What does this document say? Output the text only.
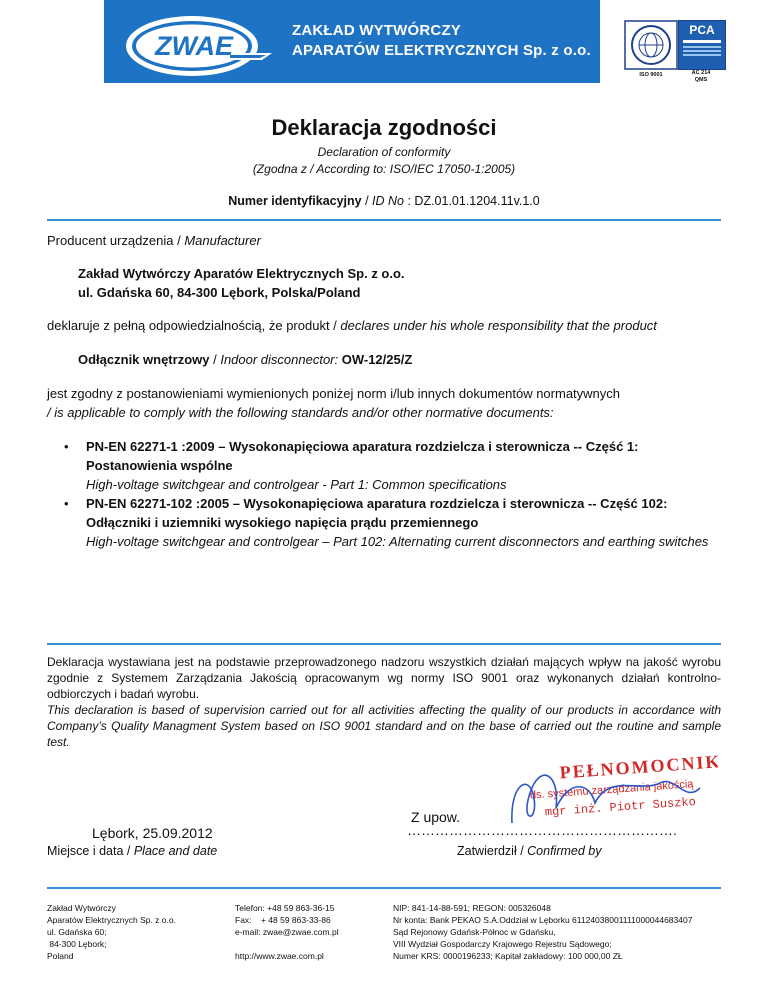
ZWAE
ZAKŁAD WYTWÓRCZY
APARATÓW ELEKTRYCZNYCH Sp. z o.o.
ISO 9001
PCA
AC 214
QMS
Deklaracja zgodności
Declaration of conformity
(Zgodna z / According to: ISO/IEC 17050-1:2005)
Numer identyfikacyjny / ID No : DZ.01.01.1204.11v.1.0
Producent urządzenia / Manufacturer
Zakład Wytwórczy Aparatów Elektrycznych Sp. z o.o.
ul. Gdańska 60, 84-300 Lębork, Polska/Poland
deklaruje z pełną odpowiedzialnością, że produkt / declares under his whole responsibility that the product
Odłącznik wnętrzowy / Indoor disconnector: OW-12/25/Z
jest zgodny z postanowieniami wymienionych poniżej norm i/lub innych dokumentów normatywnych
/ is applicable to comply with the following standards and/or other normative documents:
•	PN-EN 62271-1 :2009 – Wysokonapięciowa aparatura rozdzielcza i sterownicza -- Część 1:
Postanowienia wspólne
High-voltage switchgear and controlgear - Part 1: Common specifications
•	PN-EN 62271-102 :2005 – Wysokonapięciowa aparatura rozdzielcza i sterownicza -- Część 102:
Odłączniki i uziemniki wysokiego napięcia prądu przemiennego
High-voltage switchgear and controlgear – Part 102: Alternating current disconnectors and earthing switches
Deklaracja wystawiana jest na podstawie przeprowadzonego nadzoru wszystkich działań mających wpływ na jakość wyrobu zgodnie z Systemem Zarządzania Jakością opracowanym wg normy ISO 9001 oraz wykonanych działań kontrolno-odbiorczych i badań wyrobu.
This declaration is based of supervision carried out for all activities affecting the quality of our products in accordance with Company’s Quality Managment System based on ISO 9001 standard and on the base of carried out the routine and sample test.
PEŁNOMOCNIK
ds. systemu zarządzania jakością
mgr inż. Piotr Suszko
Z upow.
Lębork, 25.09.2012
Miejsce i data / Place and date
………………………………………………….
Zatwierdził / Confirmed by
Zakład Wytwórczy
Aparatów Elektrycznych Sp. z o.o.
ul. Gdańska 60;
84-300 Lębork;
Poland
Telefon: +48 59 863-36-15
Fax:    + 48 59 863-33-86
e-mail: zwae@zwae.com.pl
http://www.zwae.com.pl
NIP: 841-14-88-591; REGON: 005326048
Nr konta: Bank PEKAO S.A.Oddział w Lęborku 61124038001111000044683407
Sąd Rejonowy Gdańsk-Północ w Gdańsku,
VIII Wydział Gospodarczy Krajowego Rejestru Sądowego;
Numer KRS: 0000196233; Kapitał zakładowy: 100 000,00 ZŁ
